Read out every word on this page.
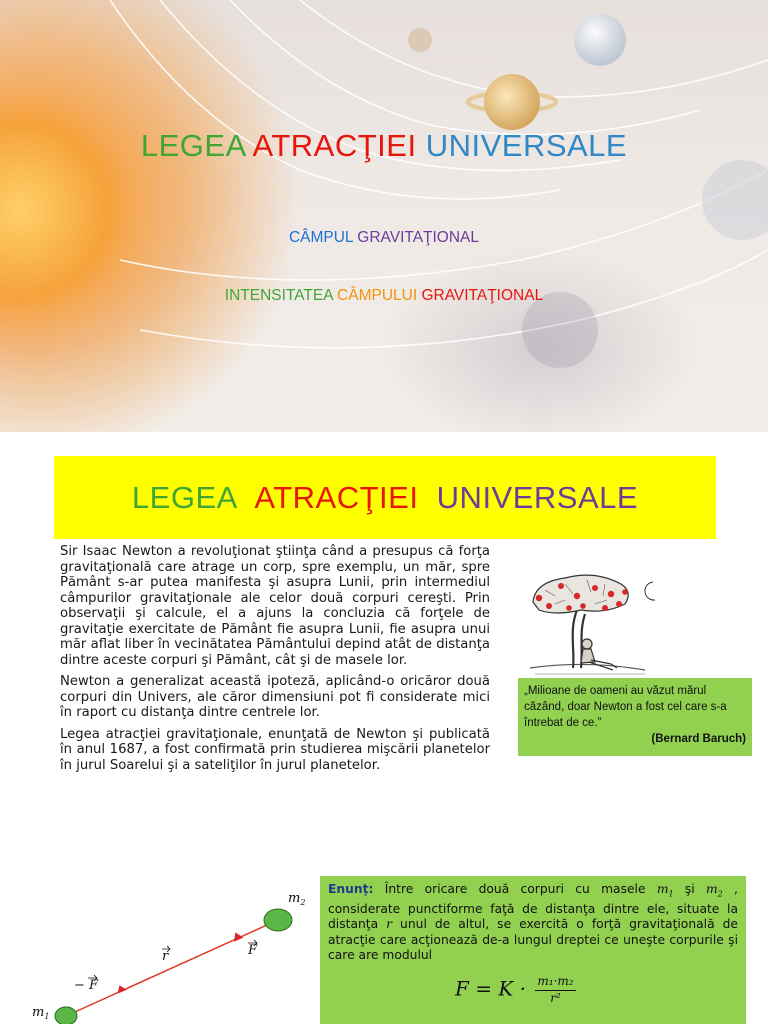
LEGEA ATRACŢIEI UNIVERSALE
CÂMPUL GRAVITAŢIONAL
INTENSITATEA CÂMPULUI GRAVITAŢIONAL
LEGEA ATRACŢIEI UNIVERSALE

Sir Isaac Newton a revoluţionat ştiinţa când a presupus că forţa gravitaţională care atrage un corp, spre exemplu, un măr, spre Pământ s-ar putea manifesta şi asupra Lunii, prin intermediul câmpurilor gravitaţionale ale celor două corpuri cereşti. Prin observaţii şi calcule, el a ajuns la concluzia că forţele de gravitaţie exercitate de Pământ fie asupra Lunii, fie asupra unui măr aflat liber în vecinătatea Pământului depind atât de distanţa dintre aceste corpuri şi Pământ, cât şi de masele lor.

Newton a generalizat această ipoteză, aplicând-o oricăror două corpuri din Univers, ale căror dimensiuni pot fi considerate mici în raport cu distanţa dintre centrele lor.

Legea atracţiei gravitaţionale, enunţată de Newton şi publicată în anul 1687, a fost confirmată prin studierea mişcării planetelor în jurul Soarelui şi a sateliţilor în jurul planetelor.

„Milioane de oameni au văzut mărul căzând, doar Newton a fost cel care s-a întrebat de ce.”
(Bernard Baruch)
$m_2$
$m_1$
r	F
− F
Enunţ: Între oricare două corpuri cu masele $m_1$ şi $m_2$ , considerate punctiforme faţă de distanţa dintre ele, situate la distanţa r unul de altul, se exercită o forţă gravitaţională de atracţie care acţionează de-a lungul dreptei ce uneşte corpurile şi care are modulul
$F = K \cdot \frac{\text{m₁·m₂}}{\text{r²}}$
